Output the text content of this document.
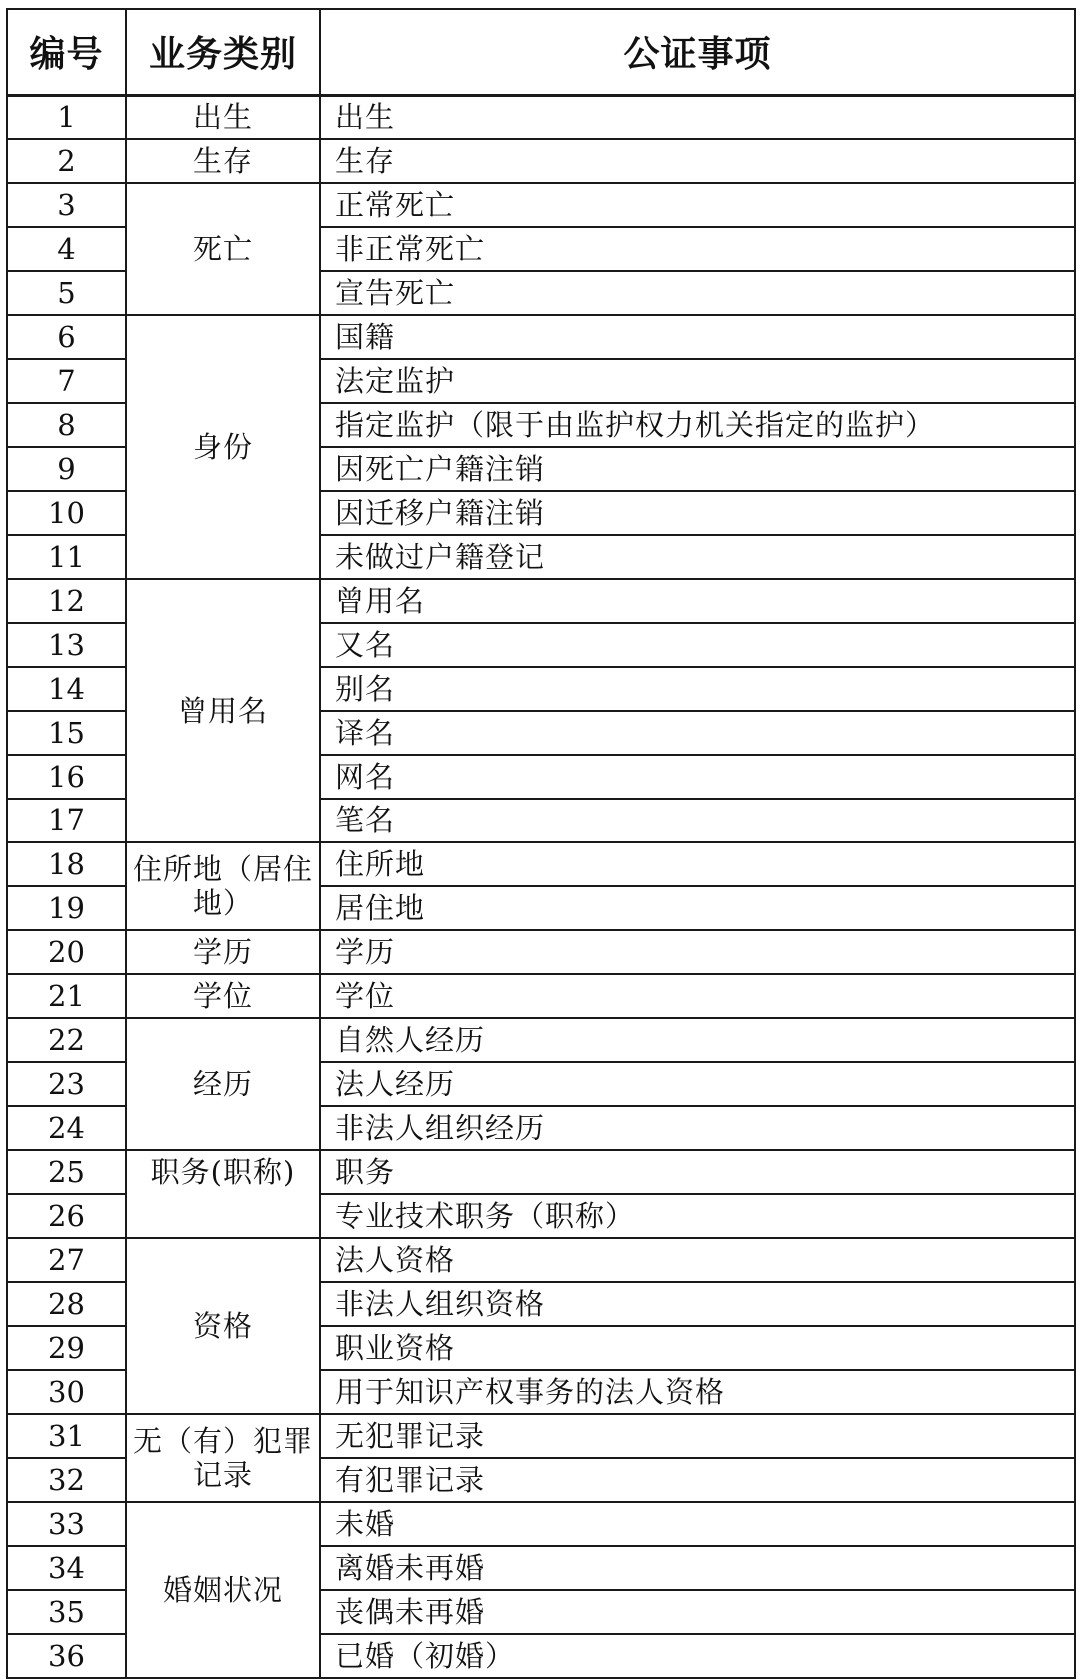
编号	业务类别	公证事项
1	出生	出生
2	生存	生存
3	死亡	正常死亡
4		非正常死亡
5		宣告死亡
6	身份	国籍
7		法定监护
8		指定监护（限于由监护权力机关指定的监护）
9		因死亡户籍注销
10		因迁移户籍注销
11		未做过户籍登记
12	曾用名	曾用名
13		又名
14		别名
15		译名
16		网名
17		笔名
18	住所地（居住地）	住所地
19		居住地
20	学历	学历
21	学位	学位
22	经历	自然人经历
23		法人经历
24		非法人组织经历
25	职务(职称)	职务
26		专业技术职务（职称）
27	资格	法人资格
28		非法人组织资格
29		职业资格
30		用于知识产权事务的法人资格
31	无（有）犯罪记录	无犯罪记录
32		有犯罪记录
33	婚姻状况	未婚
34		离婚未再婚
35		丧偶未再婚
36		已婚（初婚）
